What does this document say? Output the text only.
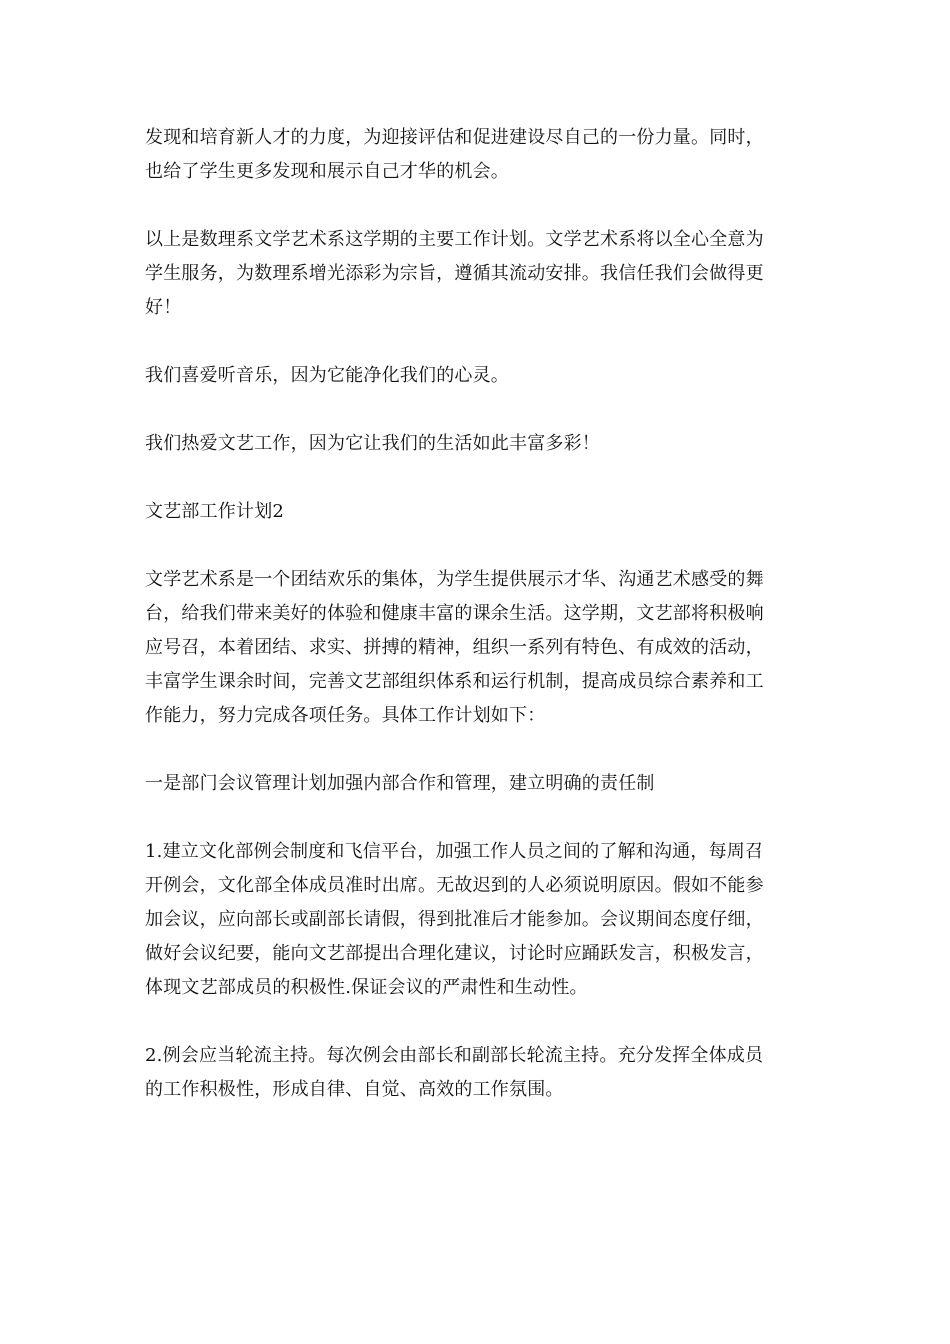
发现和培育新人才的力度，为迎接评估和促进建设尽自己的一份力量。同时，
也给了学生更多发现和展示自己才华的机会。

以上是数理系文学艺术系这学期的主要工作计划。文学艺术系将以全心全意为
学生服务，为数理系增光添彩为宗旨，遵循其流动安排。我信任我们会做得更
好！

我们喜爱听音乐，因为它能净化我们的心灵。

我们热爱文艺工作，因为它让我们的生活如此丰富多彩！

文艺部工作计划2

文学艺术系是一个团结欢乐的集体，为学生提供展示才华、沟通艺术感受的舞
台，给我们带来美好的体验和健康丰富的课余生活。这学期，文艺部将积极响
应号召，本着团结、求实、拼搏的精神，组织一系列有特色、有成效的活动，
丰富学生课余时间，完善文艺部组织体系和运行机制，提高成员综合素养和工
作能力，努力完成各项任务。具体工作计划如下：

一是部门会议管理计划加强内部合作和管理，建立明确的责任制

1.建立文化部例会制度和飞信平台，加强工作人员之间的了解和沟通，每周召
开例会，文化部全体成员准时出席。无故迟到的人必须说明原因。假如不能参
加会议，应向部长或副部长请假，得到批准后才能参加。会议期间态度仔细，
做好会议纪要，能向文艺部提出合理化建议，讨论时应踊跃发言，积极发言，
体现文艺部成员的积极性.保证会议的严肃性和生动性。

2.例会应当轮流主持。每次例会由部长和副部长轮流主持。充分发挥全体成员
的工作积极性，形成自律、自觉、高效的工作氛围。
